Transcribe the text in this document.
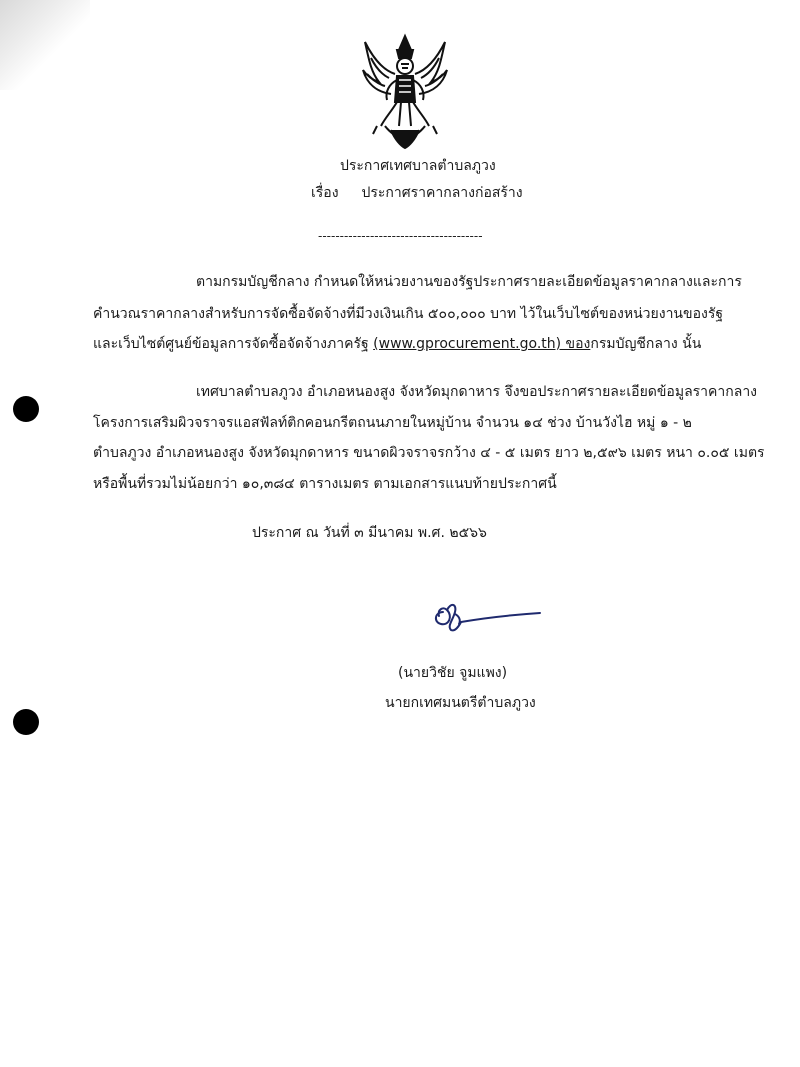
ประกาศเทศบาลตำบลภูวง
เรื่อง ประกาศราคากลางก่อสร้าง
--------------------------------------
ตามกรมบัญชีกลาง กำหนดให้หน่วยงานของรัฐประกาศรายละเอียดข้อมูลราคากลางและการ
คำนวณราคากลางสำหรับการจัดซื้อจัดจ้างที่มีวงเงินเกิน ๕๐๐,๐๐๐ บาท ไว้ในเว็บไซต์ของหน่วยงานของรัฐ
และเว็บไซต์ศูนย์ข้อมูลการจัดซื้อจัดจ้างภาครัฐ (www.gprocurement.go.th) ของกรมบัญชีกลาง นั้น
เทศบาลตำบลภูวง อำเภอหนองสูง จังหวัดมุกดาหาร จึงขอประกาศรายละเอียดข้อมูลราคากลาง
โครงการเสริมผิวจราจรแอสฟัลท์ติกคอนกรีตถนนภายในหมู่บ้าน จำนวน ๑๔ ช่วง บ้านวังไฮ หมู่ ๑ - ๒
ตำบลภูวง อำเภอหนองสูง จังหวัดมุกดาหาร ขนาดผิวจราจรกว้าง ๔ - ๕ เมตร ยาว ๒,๕๙๖ เมตร หนา ๐.๐๕ เมตร
หรือพื้นที่รวมไม่น้อยกว่า ๑๐,๓๘๔ ตารางเมตร ตามเอกสารแนบท้ายประกาศนี้
ประกาศ ณ วันที่ ๓ มีนาคม พ.ศ. ๒๕๖๖
(นายวิชัย จูมแพง)
นายกเทศมนตรีตำบลภูวง
